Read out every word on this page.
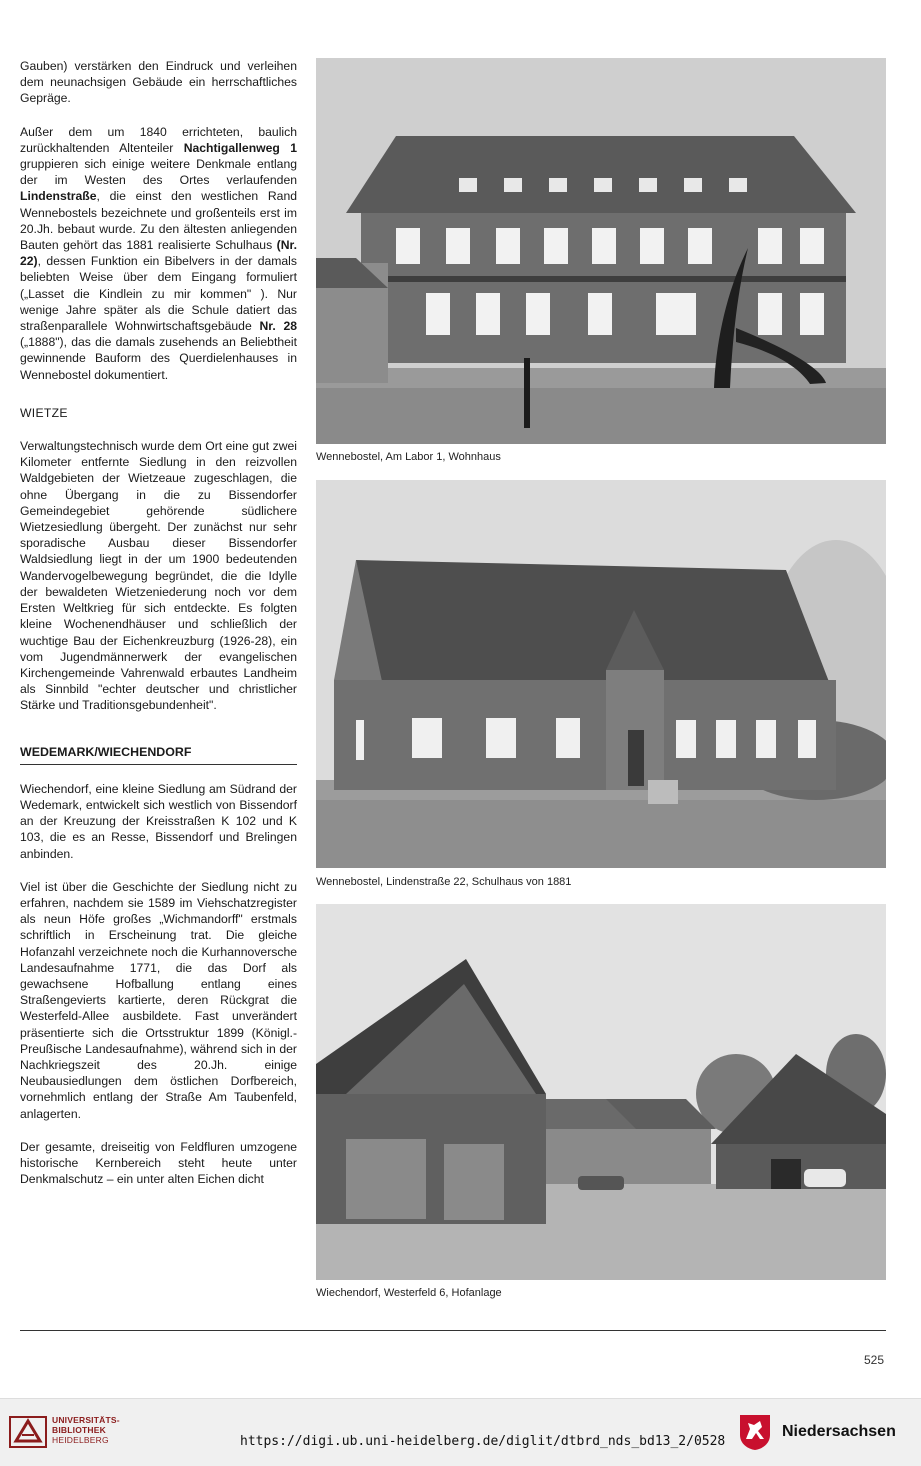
Gauben) verstärken den Eindruck und verleihen dem neunachsigen Gebäude ein herrschaftliches Gepräge.

Außer dem um 1840 errichteten, baulich zurückhaltenden Altenteiler Nachtigallenweg 1 gruppieren sich einige weitere Denkmale entlang der im Westen des Ortes verlaufenden Lindenstraße, die einst den westlichen Rand Wennebostels bezeichnete und großenteils erst im 20.Jh. bebaut wurde. Zu den ältesten anliegenden Bauten gehört das 1881 realisierte Schulhaus (Nr. 22), dessen Funktion ein Bibelvers in der damals beliebten Weise über dem Eingang formuliert („Lasset die Kindlein zu mir kommen" ). Nur wenige Jahre später als die Schule datiert das straßenparallele Wohnwirtschaftsgebäude Nr. 28 („1888"), das die damals zusehends an Beliebtheit gewinnende Bauform des Querdielenhauses in Wennebostel dokumentiert.

WIETZE

Verwaltungstechnisch wurde dem Ort eine gut zwei Kilometer entfernte Siedlung in den reizvollen Waldgebieten der Wietzeaue zugeschlagen, die ohne Übergang in die zu Bissendorfer Gemeindegebiet gehörende südlichere Wietzesiedlung übergeht. Der zunächst nur sehr sporadische Ausbau dieser Bissendorfer Waldsiedlung liegt in der um 1900 bedeutenden Wandervogelbewegung begründet, die die Idylle der bewaldeten Wietzeniederung noch vor dem Ersten Weltkrieg für sich entdeckte. Es folgten kleine Wochenendhäuser und schließlich der wuchtige Bau der Eichenkreuzburg (1926-28), ein vom Jugendmännerwerk der evangelischen Kirchengemeinde Vahrenwald erbautes Landheim als Sinnbild "echter deutscher und christlicher Stärke und Traditionsgebundenheit".

WEDEMARK/WIECHENDORF

Wiechendorf, eine kleine Siedlung am Südrand der Wedemark, entwickelt sich westlich von Bissendorf an der Kreuzung der Kreisstraßen K 102 und K 103, die es an Resse, Bissendorf und Brelingen anbinden.

Viel ist über die Geschichte der Siedlung nicht zu erfahren, nachdem sie 1589 im Viehschatzregister als neun Höfe großes „Wichmandorff" erstmals schriftlich in Erscheinung trat. Die gleiche Hofanzahl verzeichnete noch die Kurhannoversche Landesaufnahme 1771, die das Dorf als gewachsene Hofballung entlang eines Straßengevierts kartierte, deren Rückgrat die Westerfeld-Allee ausbildete. Fast unverändert präsentierte sich die Ortsstruktur 1899 (Königl.-Preußische Landesaufnahme), während sich in der Nachkriegszeit des 20.Jh. einige Neubausiedlungen dem östlichen Dorfbereich, vornehmlich entlang der Straße Am Taubenfeld, anlagerten.

Der gesamte, dreiseitig von Feldfluren umzogene historische Kernbereich steht heute unter Denkmalschutz – ein unter alten Eichen dicht

Wennebostel, Am Labor 1, Wohnhaus
Wennebostel, Lindenstraße 22, Schulhaus von 1881
Wiechendorf, Westerfeld 6, Hofanlage
525
UNIVERSITÄTS-
BIBLIOTHEK
HEIDELBERG	https://digi.ub.uni-heidelberg.de/diglit/dtbrd_nds_bd13_2/0528
Niedersachsen
